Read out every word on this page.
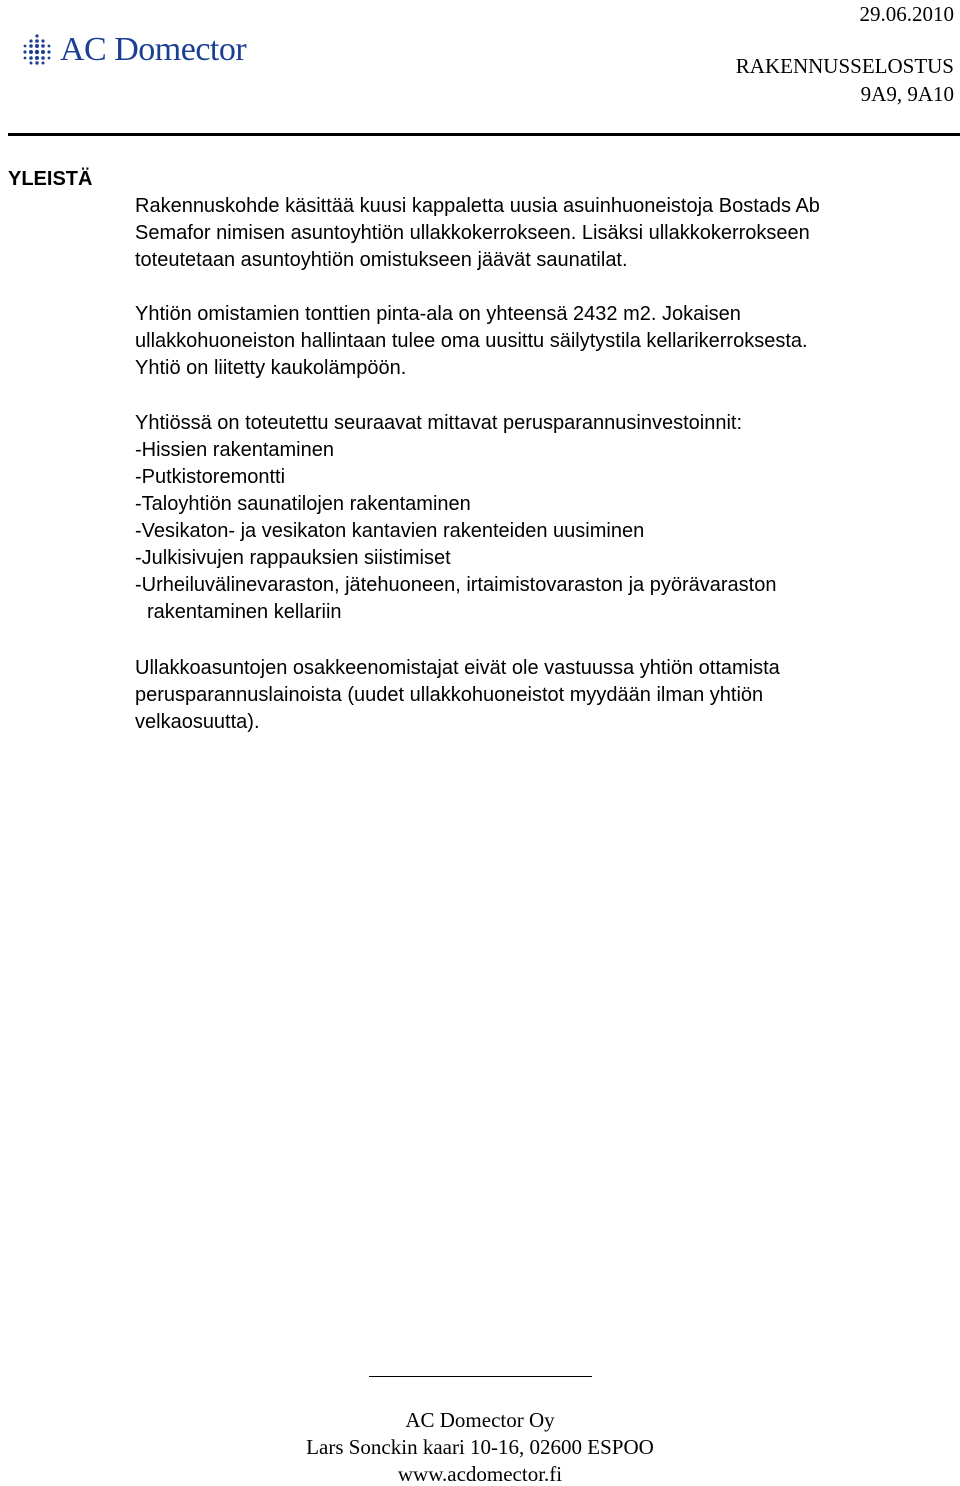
AC Domector
29.06.2010
RAKENNUSSELOSTUS
9A9, 9A10
YLEISTÄ
Rakennuskohde käsittää kuusi kappaletta uusia asuinhuoneistoja Bostads Ab
Semafor nimisen asuntoyhtiön ullakkokerrokseen. Lisäksi ullakkokerrokseen
toteutetaan asuntoyhtiön omistukseen jäävät saunatilat.
Yhtiön omistamien tonttien pinta-ala on yhteensä 2432 m2. Jokaisen
ullakkohuoneiston hallintaan tulee oma uusittu säilytystila kellarikerroksesta.
Yhtiö on liitetty kaukolämpöön.
Yhtiössä on toteutettu seuraavat mittavat perusparannusinvestoinnit:
-Hissien rakentaminen
-Putkistoremontti
-Taloyhtiön saunatilojen rakentaminen
-Vesikaton- ja vesikaton kantavien rakenteiden uusiminen
-Julkisivujen rappauksien siistimiset
-Urheiluvälinevaraston, jätehuoneen, irtaimistovaraston ja pyörävaraston
rakentaminen kellariin
Ullakkoasuntojen osakkeenomistajat eivät ole vastuussa yhtiön ottamista
perusparannuslainoista (uudet ullakkohuoneistot myydään ilman yhtiön
velkaosuutta).
AC Domector Oy
Lars Sonckin kaari 10-16, 02600 ESPOO
www.acdomector.fi
